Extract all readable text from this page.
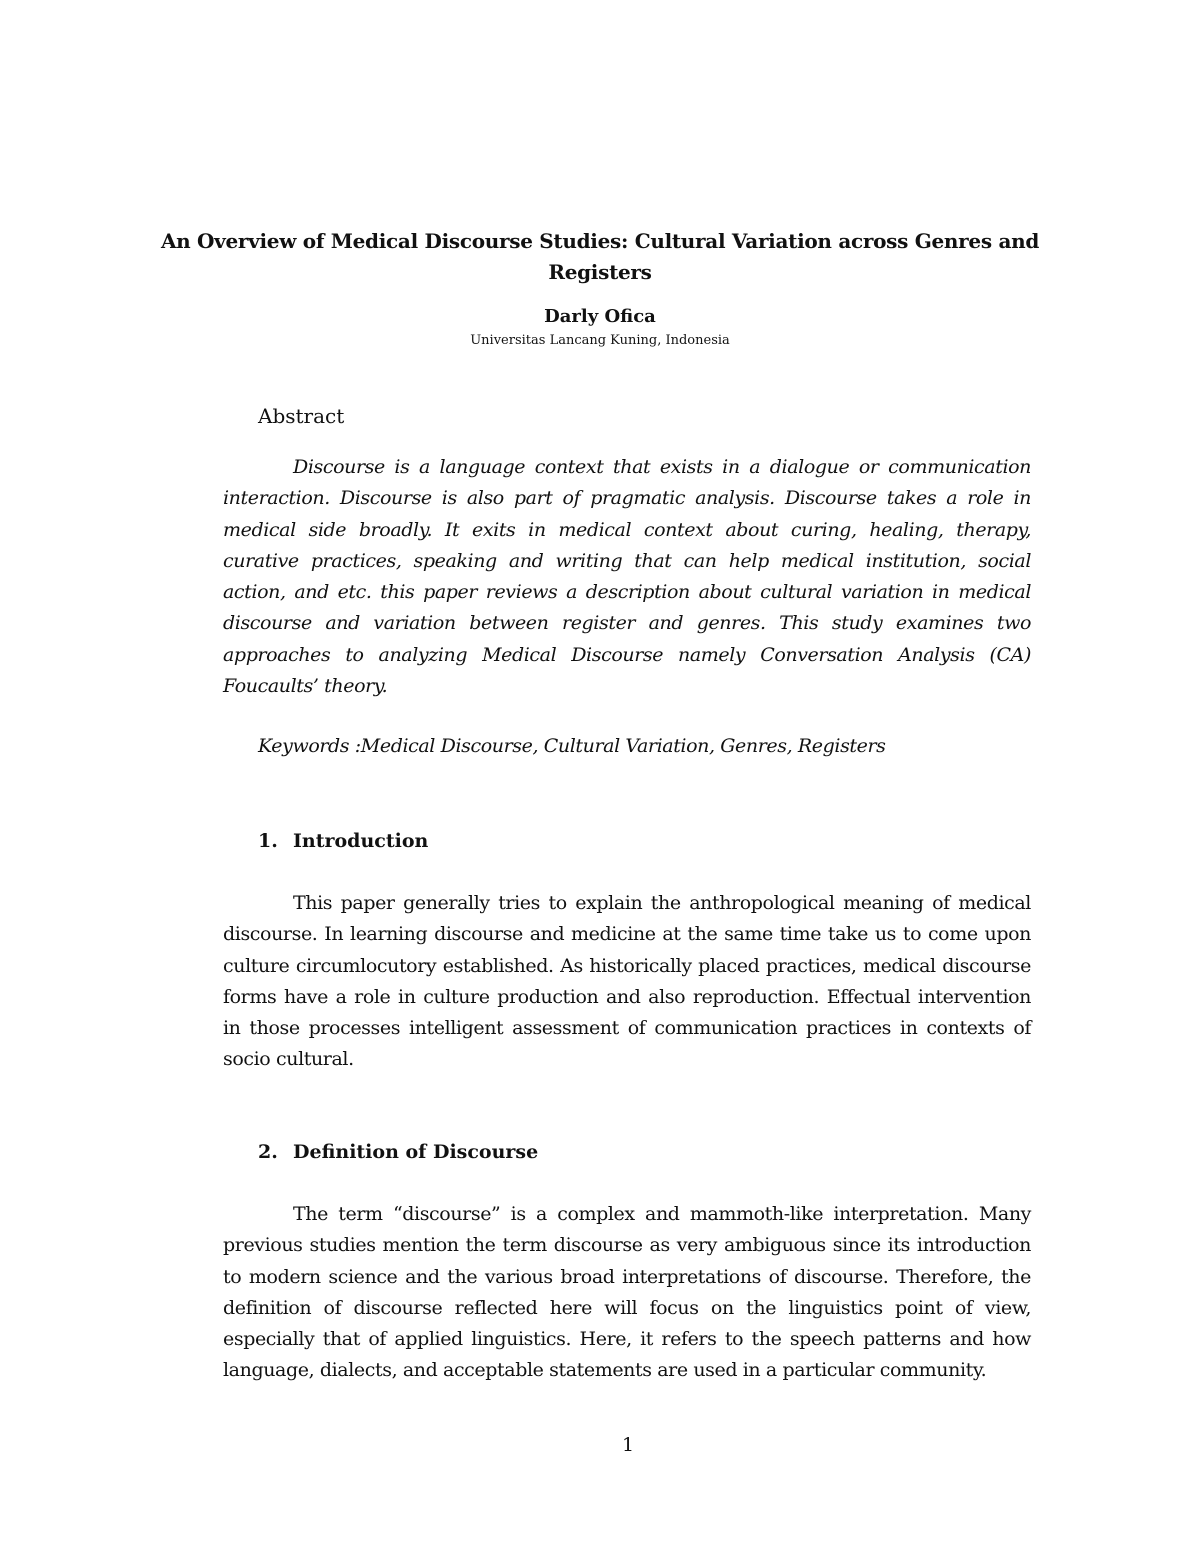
An Overview of Medical Discourse Studies: Cultural Variation across Genres and Registers
Darly Ofica
Universitas Lancang Kuning, Indonesia
Abstract
Discourse is a language context that exists in a dialogue or communication interaction. Discourse is also part of pragmatic analysis. Discourse takes a role in medical side broadly. It exits in medical context about curing, healing, therapy, curative practices, speaking and writing that can help medical institution, social action, and etc. this paper reviews a description about cultural variation in medical discourse and variation between register and genres. This study examines two approaches to analyzing Medical Discourse namely Conversation Analysis (CA) Foucaults’ theory.
Keywords :Medical Discourse, Cultural Variation, Genres, Registers
1. Introduction
This paper generally tries to explain the anthropological meaning of medical discourse. In learning discourse and medicine at the same time take us to come upon culture circumlocutory established. As historically placed practices, medical discourse forms have a role in culture production and also reproduction. Effectual intervention in those processes intelligent assessment of communication practices in contexts of socio cultural.
2. Definition of Discourse
The term “discourse” is a complex and mammoth-like interpretation. Many previous studies mention the term discourse as very ambiguous since its introduction to modern science and the various broad interpretations of discourse. Therefore, the definition of discourse reflected here will focus on the linguistics point of view, especially that of applied linguistics. Here, it refers to the speech patterns and how language, dialects, and acceptable statements are used in a particular community.
1
